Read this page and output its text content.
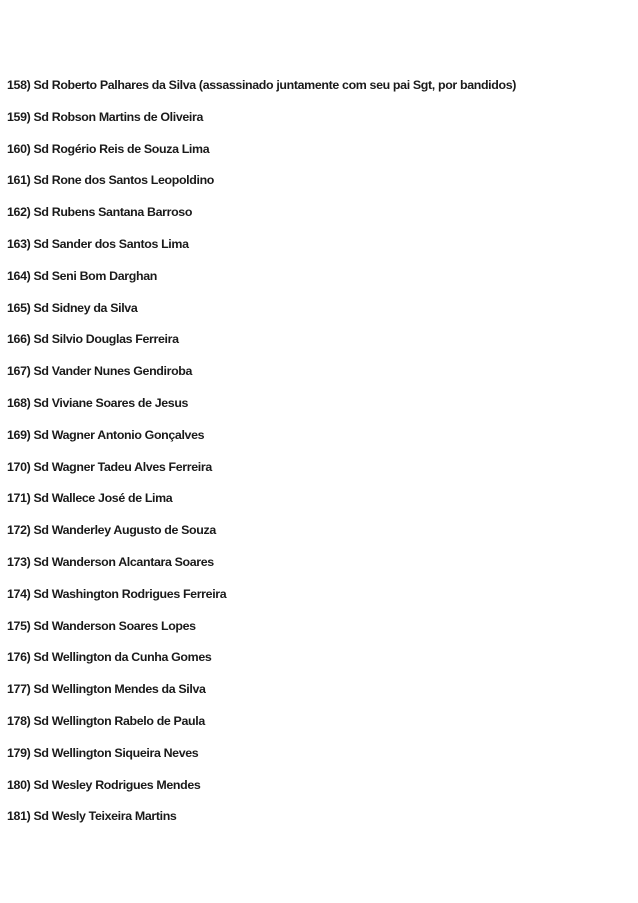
158) Sd Roberto Palhares da Silva (assassinado juntamente com seu pai Sgt, por bandidos)
159) Sd Robson Martins de Oliveira
160) Sd Rogério Reis de Souza Lima
161) Sd Rone dos Santos Leopoldino
162) Sd Rubens Santana Barroso
163) Sd Sander dos Santos Lima
164) Sd Seni Bom Darghan
165) Sd Sidney da Silva
166) Sd Silvio Douglas Ferreira
167) Sd Vander Nunes Gendiroba
168) Sd Viviane Soares de Jesus
169) Sd Wagner Antonio Gonçalves
170) Sd Wagner Tadeu Alves Ferreira
171) Sd Wallece José de Lima
172) Sd Wanderley Augusto de Souza
173) Sd Wanderson Alcantara Soares
174) Sd Washington Rodrigues Ferreira
175) Sd Wanderson Soares Lopes
176) Sd Wellington da Cunha Gomes
177) Sd Wellington Mendes da Silva
178) Sd Wellington Rabelo de Paula
179) Sd Wellington Siqueira Neves
180) Sd Wesley Rodrigues Mendes
181) Sd Wesly Teixeira Martins
